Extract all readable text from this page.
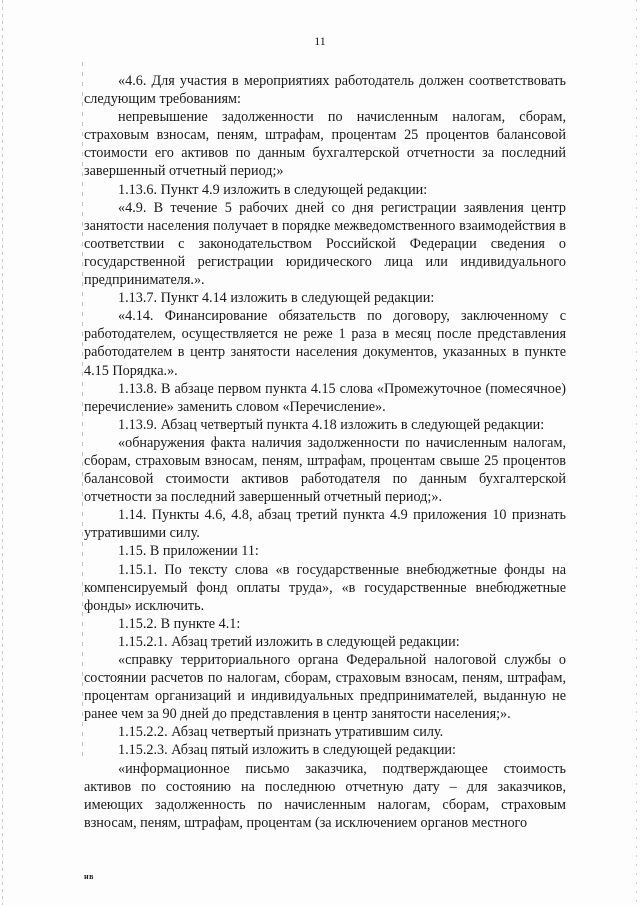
11

«4.6. Для участия в мероприятиях работодатель должен соответствовать следующим требованиям:

непревышение задолженности по начисленным налогам, сборам, страховым взносам, пеням, штрафам, процентам 25 процентов балансовой стоимости его активов по данным бухгалтерской отчетности за последний завершенный отчетный период;»

1.13.6. Пункт 4.9 изложить в следующей редакции:

«4.9. В течение 5 рабочих дней со дня регистрации заявления центр занятости населения получает в порядке межведомственного взаимодействия в соответствии с законодательством Российской Федерации сведения о государственной регистрации юридического лица или индивидуального предпринимателя.».

1.13.7. Пункт 4.14 изложить в следующей редакции:

«4.14. Финансирование обязательств по договору, заключенному с работодателем, осуществляется не реже 1 раза в месяц после представления работодателем в центр занятости населения документов, указанных в пункте 4.15 Порядка.».

1.13.8. В абзаце первом пункта 4.15 слова «Промежуточное (помесячное) перечисление» заменить словом «Перечисление».

1.13.9. Абзац четвертый пункта 4.18 изложить в следующей редакции:

«обнаружения факта наличия задолженности по начисленным налогам, сборам, страховым взносам, пеням, штрафам, процентам свыше 25 процентов балансовой стоимости активов работодателя по данным бухгалтерской отчетности за последний завершенный отчетный период;».

1.14. Пункты 4.6, 4.8, абзац третий пункта 4.9 приложения 10 признать утратившими силу.

1.15. В приложении 11:

1.15.1. По тексту слова «в государственные внебюджетные фонды на компенсируемый фонд оплаты труда», «в государственные внебюджетные фонды» исключить.

1.15.2. В пункте 4.1:

1.15.2.1. Абзац третий изложить в следующей редакции:

«справку территориального органа Федеральной налоговой службы о состоянии расчетов по налогам, сборам, страховым взносам, пеням, штрафам, процентам организаций и индивидуальных предпринимателей, выданную не ранее чем за 90 дней до представления в центр занятости населения;».

1.15.2.2. Абзац четвертый признать утратившим силу.

1.15.2.3. Абзац пятый изложить в следующей редакции:

«информационное письмо заказчика, подтверждающее стоимость активов по состоянию на последнюю отчетную дату – для заказчиков, имеющих задолженность по начисленным налогам, сборам, страховым взносам, пеням, штрафам, процентам (за исключением органов местного

нв
